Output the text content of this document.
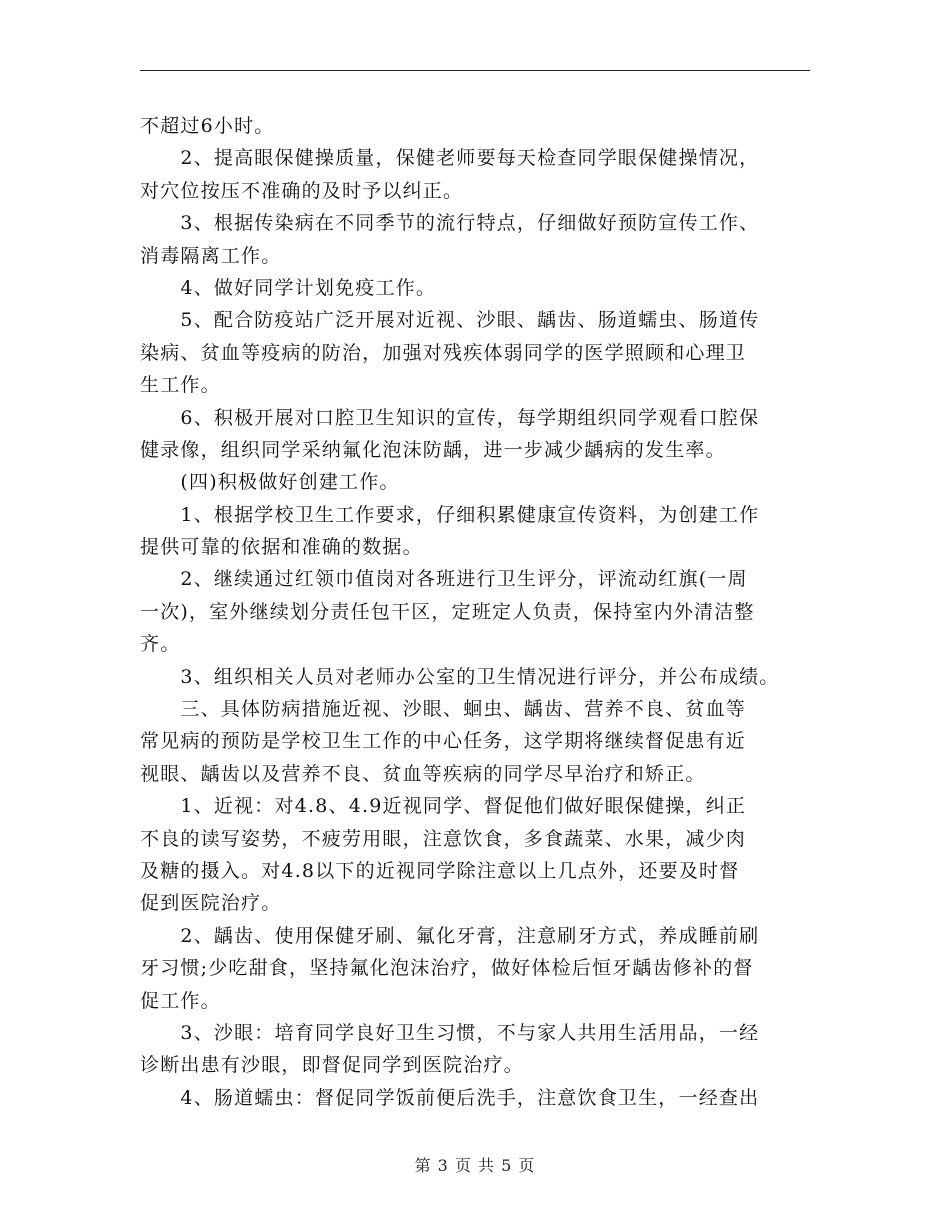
不超过6小时。
　　2、提高眼保健操质量，保健老师要每天检查同学眼保健操情况，
对穴位按压不准确的及时予以纠正。
　　3、根据传染病在不同季节的流行特点，仔细做好预防宣传工作、
消毒隔离工作。
　　4、做好同学计划免疫工作。
　　5、配合防疫站广泛开展对近视、沙眼、龋齿、肠道蠕虫、肠道传
染病、贫血等疫病的防治，加强对残疾体弱同学的医学照顾和心理卫
生工作。
　　6、积极开展对口腔卫生知识的宣传，每学期组织同学观看口腔保
健录像，组织同学采纳氟化泡沫防龋，进一步减少龋病的发生率。
　　(四)积极做好创建工作。
　　1、根据学校卫生工作要求，仔细积累健康宣传资料，为创建工作
提供可靠的依据和准确的数据。
　　2、继续通过红领巾值岗对各班进行卫生评分，评流动红旗(一周
一次)，室外继续划分责任包干区，定班定人负责，保持室内外清洁整
齐。
　　3、组织相关人员对老师办公室的卫生情况进行评分，并公布成绩。
　　三、具体防病措施近视、沙眼、蛔虫、龋齿、营养不良、贫血等
常见病的预防是学校卫生工作的中心任务，这学期将继续督促患有近
视眼、龋齿以及营养不良、贫血等疾病的同学尽早治疗和矫正。
　　1、近视：对4.8、4.9近视同学、督促他们做好眼保健操，纠正
不良的读写姿势，不疲劳用眼，注意饮食，多食蔬菜、水果，减少肉
及糖的摄入。对4.8以下的近视同学除注意以上几点外，还要及时督
促到医院治疗。
　　2、龋齿、使用保健牙刷、氟化牙膏，注意刷牙方式，养成睡前刷
牙习惯;少吃甜食，坚持氟化泡沫治疗，做好体检后恒牙龋齿修补的督
促工作。
　　3、沙眼：培育同学良好卫生习惯，不与家人共用生活用品，一经
诊断出患有沙眼，即督促同学到医院治疗。
　　4、肠道蠕虫：督促同学饭前便后洗手，注意饮食卫生，一经查出
第 3 页 共 5 页
